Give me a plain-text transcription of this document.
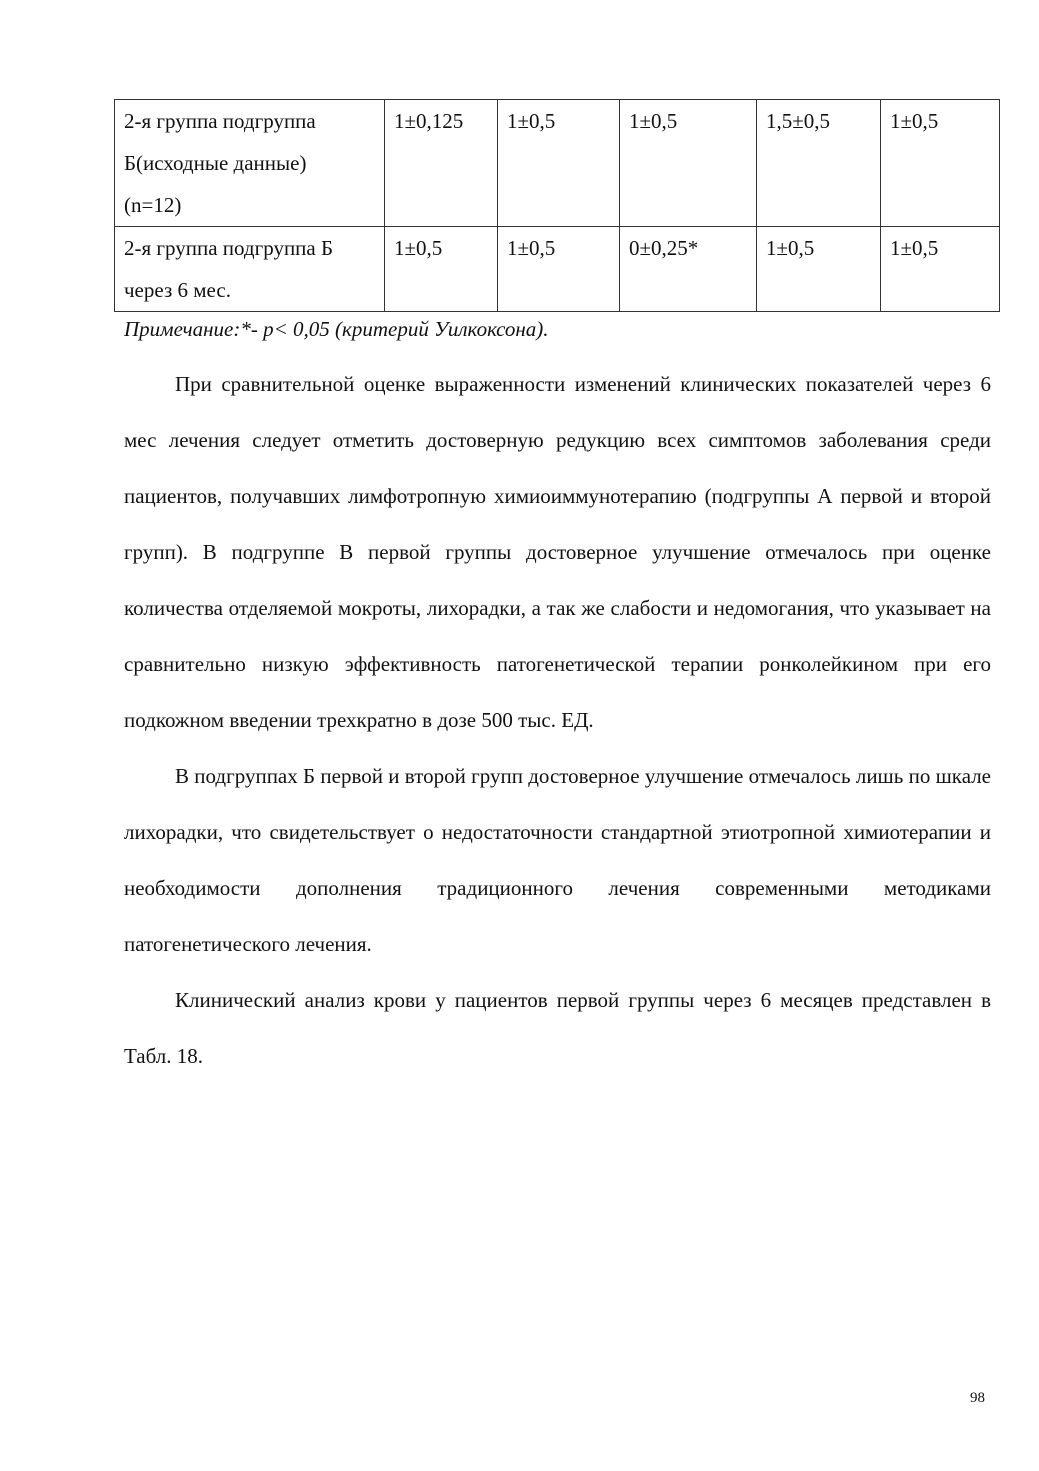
2-я группа подгруппа
Б(исходные данные)
(n=12)	1±0,125	1±0,5	1±0,5	1,5±0,5	1±0,5
2-я группа подгруппа Б
через 6 мес.	1±0,5	1±0,5	0±0,25*	1±0,5	1±0,5
Примечание:*- p< 0,05 (критерий Уилкоксона).

При сравнительной оценке выраженности изменений клинических показателей через 6 мес лечения следует отметить достоверную редукцию всех симптомов заболевания среди пациентов, получавших лимфотропную химиоиммунотерапию (подгруппы А первой и второй групп). В подгруппе В первой группы достоверное улучшение отмечалось при оценке количества отделяемой мокроты, лихорадки, а так же слабости и недомогания, что указывает на сравнительно низкую эффективность патогенетической терапии ронколейкином при его подкожном введении трехкратно в дозе 500 тыс. ЕД.

В подгруппах Б первой и второй групп достоверное улучшение отмечалось лишь по шкале лихорадки, что свидетельствует о недостаточности стандартной этиотропной химиотерапии и необходимости дополнения традиционного лечения современными методиками патогенетического лечения.

Клинический анализ крови у пациентов первой группы через 6 месяцев представлен в Табл. 18.

98
